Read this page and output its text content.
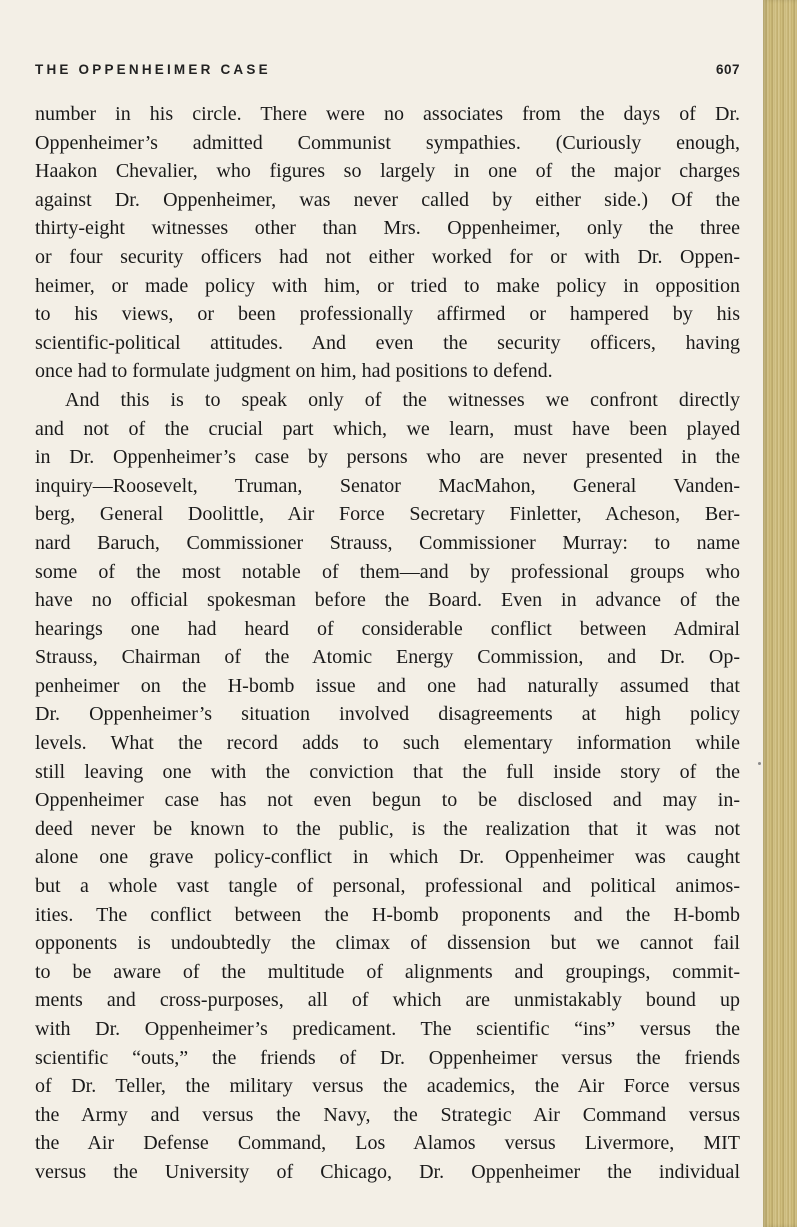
THE OPPENHEIMER CASE	607
number in his circle. There were no associates from the days of Dr.
Oppenheimer’s admitted Communist sympathies. (Curiously enough,
Haakon Chevalier, who figures so largely in one of the major charges
against Dr. Oppenheimer, was never called by either side.) Of the
thirty-eight witnesses other than Mrs. Oppenheimer, only the three
or four security officers had not either worked for or with Dr. Oppen-
heimer, or made policy with him, or tried to make policy in opposition
to his views, or been professionally affirmed or hampered by his
scientific-political attitudes. And even the security officers, having
once had to formulate judgment on him, had positions to defend.
And this is to speak only of the witnesses we confront directly
and not of the crucial part which, we learn, must have been played
in Dr. Oppenheimer’s case by persons who are never presented in the
inquiry—Roosevelt, Truman, Senator MacMahon, General Vanden-
berg, General Doolittle, Air Force Secretary Finletter, Acheson, Ber-
nard Baruch, Commissioner Strauss, Commissioner Murray: to name
some of the most notable of them—and by professional groups who
have no official spokesman before the Board. Even in advance of the
hearings one had heard of considerable conflict between Admiral
Strauss, Chairman of the Atomic Energy Commission, and Dr. Op-
penheimer on the H-bomb issue and one had naturally assumed that
Dr. Oppenheimer’s situation involved disagreements at high policy
levels. What the record adds to such elementary information while
still leaving one with the conviction that the full inside story of the
Oppenheimer case has not even begun to be disclosed and may in-
deed never be known to the public, is the realization that it was not
alone one grave policy-conflict in which Dr. Oppenheimer was caught
but a whole vast tangle of personal, professional and political animos-
ities. The conflict between the H-bomb proponents and the H-bomb
opponents is undoubtedly the climax of dissension but we cannot fail
to be aware of the multitude of alignments and groupings, commit-
ments and cross-purposes, all of which are unmistakably bound up
with Dr. Oppenheimer’s predicament. The scientific “ins” versus the
scientific “outs,” the friends of Dr. Oppenheimer versus the friends
of Dr. Teller, the military versus the academics, the Air Force versus
the Army and versus the Navy, the Strategic Air Command versus
the Air Defense Command, Los Alamos versus Livermore, MIT
versus the University of Chicago, Dr. Oppenheimer the individual
